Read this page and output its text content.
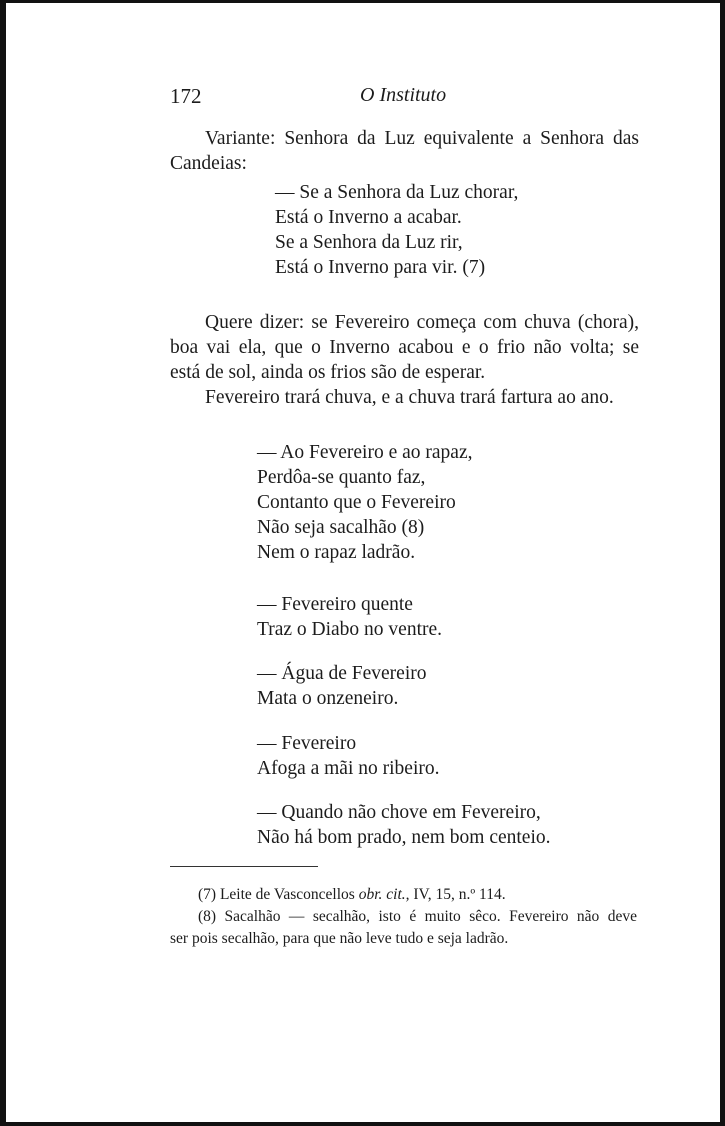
172	O Instituto
Variante: Senhora da Luz equivalente a Senhora das
Candeias:
— Se a Senhora da Luz chorar,
Está o Inverno a acabar.
Se a Senhora da Luz rir,
Está o Inverno para vir. (7)
Quere dizer: se Fevereiro começa com chuva (chora),
boa vai ela, que o Inverno acabou e o frio não volta; se
está de sol, ainda os frios são de esperar.
Fevereiro trará chuva, e a chuva trará fartura ao ano.
— Ao Fevereiro e ao rapaz,
Perdôa-se quanto faz,
Contanto que o Fevereiro
Não seja sacalhão (8)
Nem o rapaz ladrão.
— Fevereiro quente
Traz o Diabo no ventre.
— Água de Fevereiro
Mata o onzeneiro.
— Fevereiro
Afoga a mãi no ribeiro.
— Quando não chove em Fevereiro,
Não há bom prado, nem bom centeio.
(7) Leite de Vasconcellos obr. cit., IV, 15, n.º 114.
(8) Sacalhão — secalhão, isto é muito sêco. Fevereiro não deve
ser pois secalhão, para que não leve tudo e seja ladrão.
